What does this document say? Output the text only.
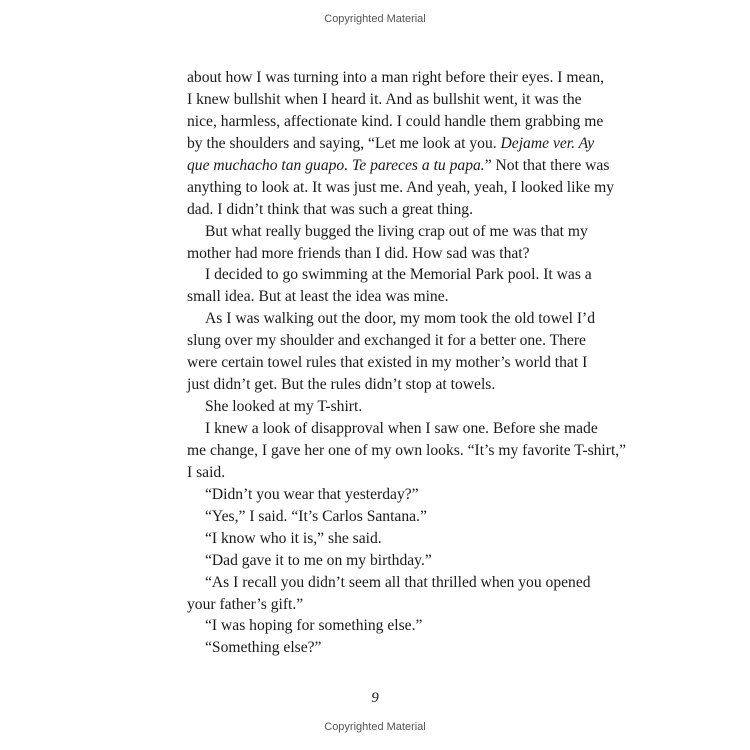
Copyrighted Material
about how I was turning into a man right before their eyes. I mean,
I knew bullshit when I heard it. And as bullshit went, it was the
nice, harmless, affectionate kind. I could handle them grabbing me
by the shoulders and saying, “Let me look at you. Dejame ver. Ay
que muchacho tan guapo. Te pareces a tu papa.” Not that there was
anything to look at. It was just me. And yeah, yeah, I looked like my
dad. I didn’t think that was such a great thing.
But what really bugged the living crap out of me was that my
mother had more friends than I did. How sad was that?
I decided to go swimming at the Memorial Park pool. It was a
small idea. But at least the idea was mine.
As I was walking out the door, my mom took the old towel I’d
slung over my shoulder and exchanged it for a better one. There
were certain towel rules that existed in my mother’s world that I
just didn’t get. But the rules didn’t stop at towels.
She looked at my T-shirt.
I knew a look of disapproval when I saw one. Before she made
me change, I gave her one of my own looks. “It’s my favorite T-shirt,”
I said.
“Didn’t you wear that yesterday?”
“Yes,” I said. “It’s Carlos Santana.”
“I know who it is,” she said.
“Dad gave it to me on my birthday.”
“As I recall you didn’t seem all that thrilled when you opened
your father’s gift.”
“I was hoping for something else.”
“Something else?”
9
Copyrighted Material
